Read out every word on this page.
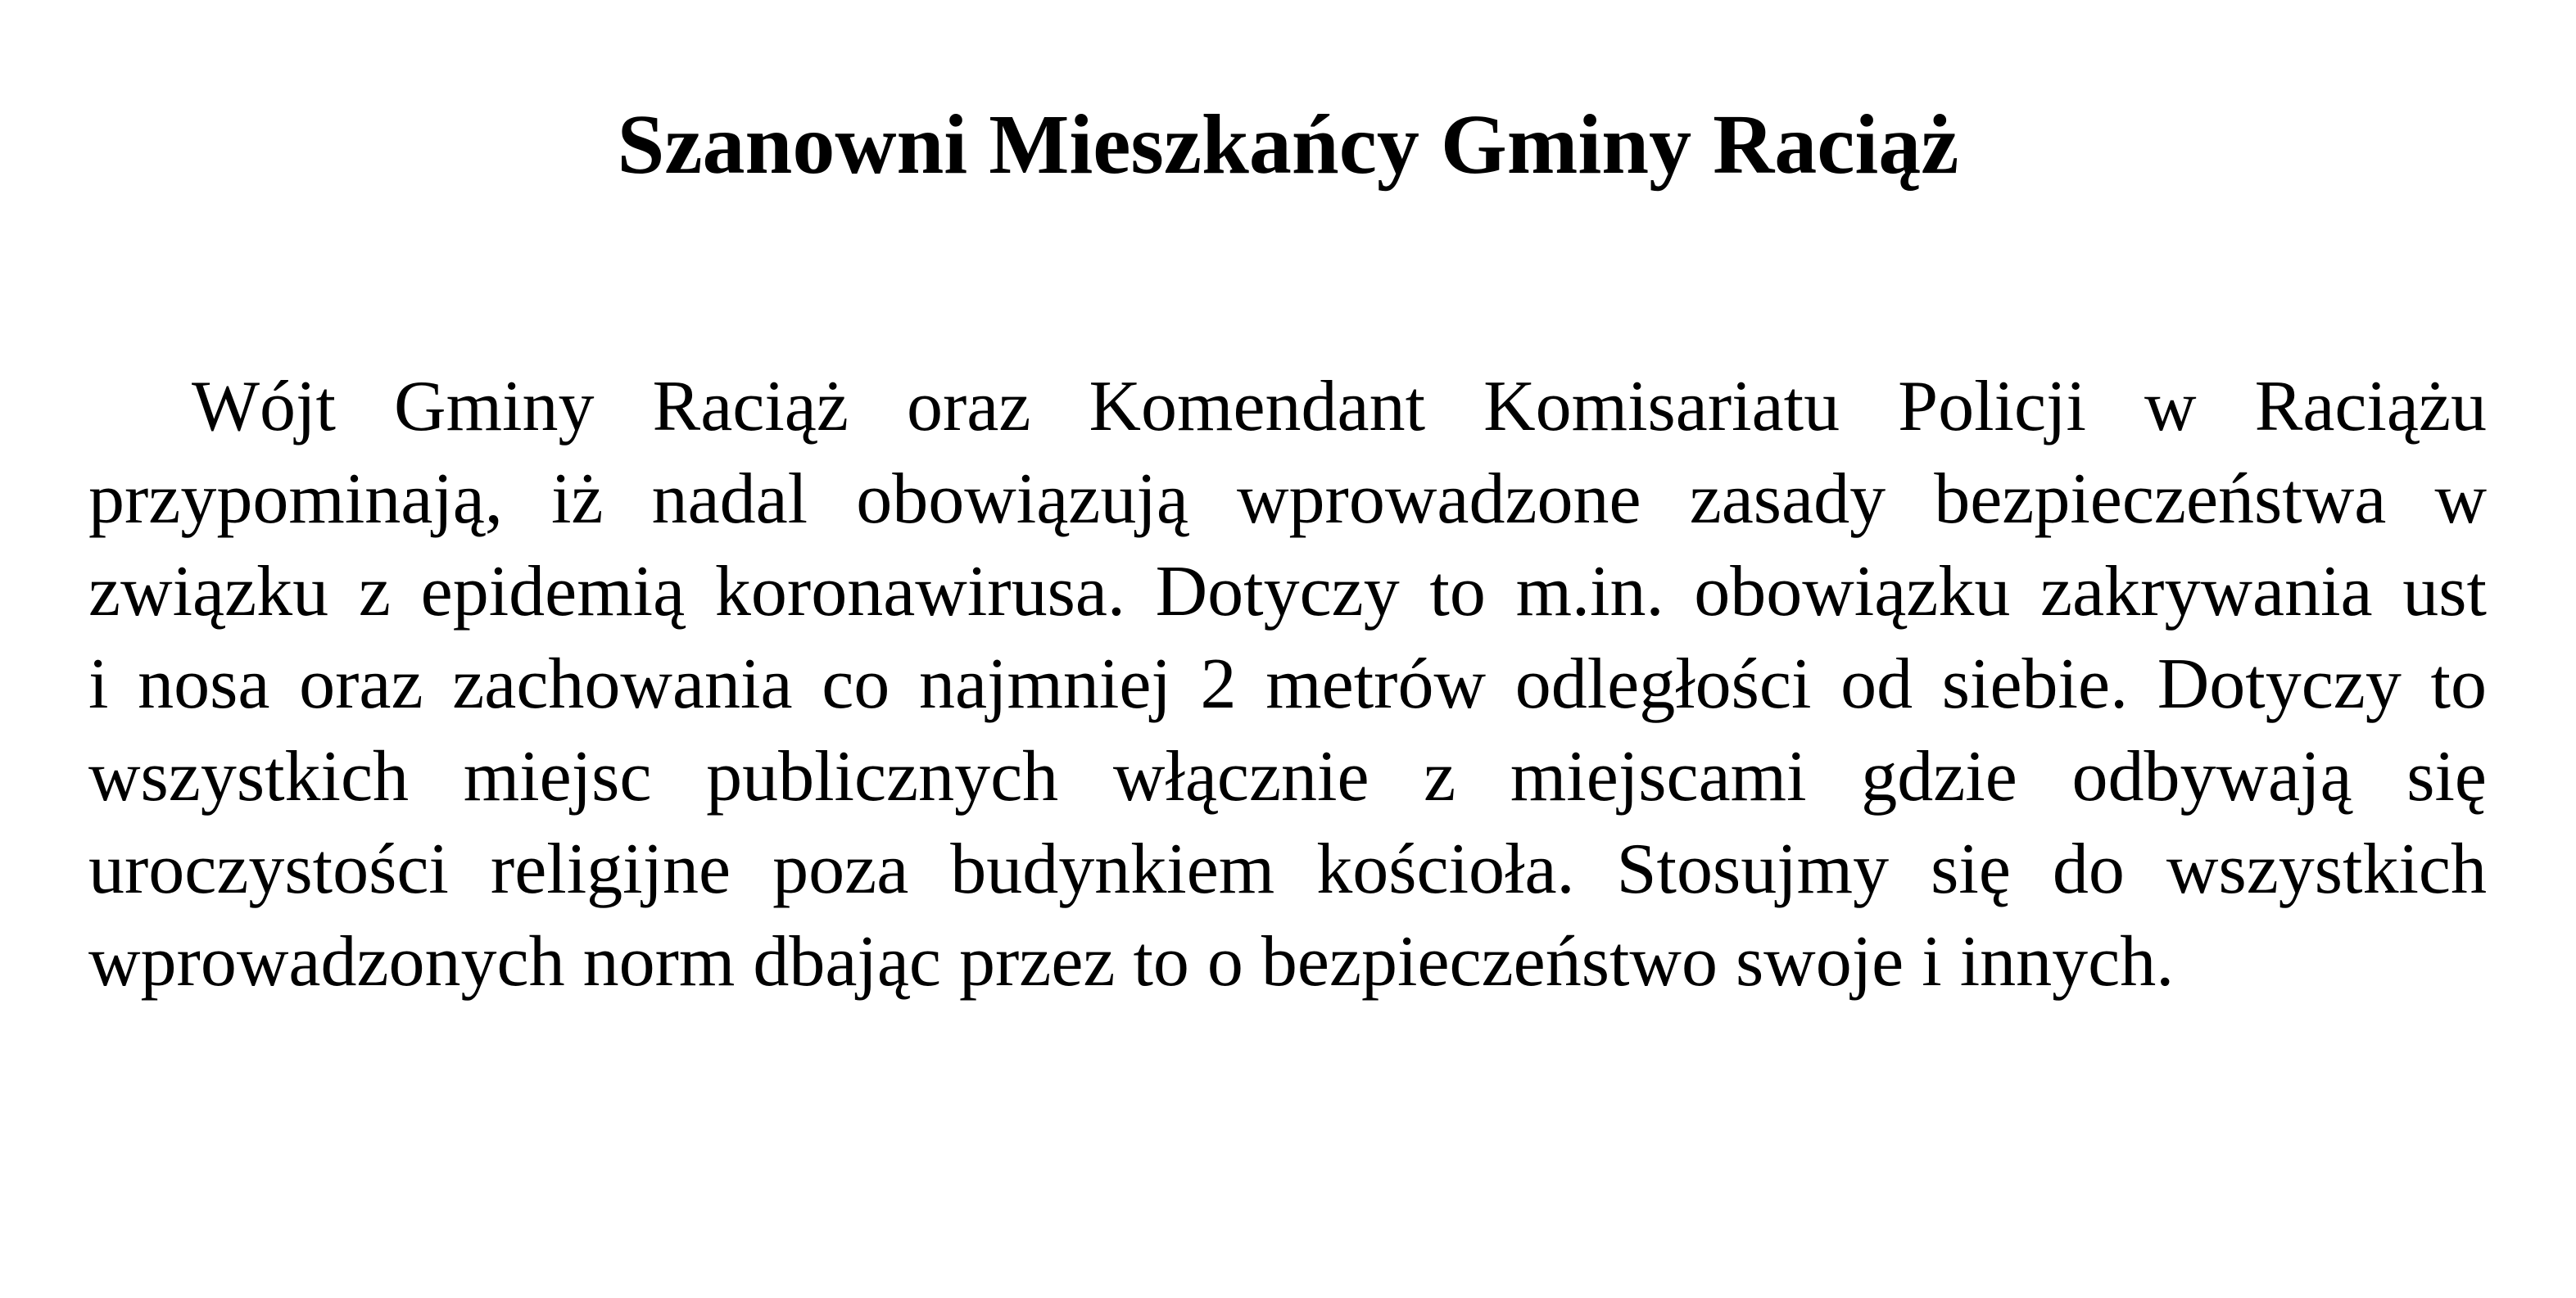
Szanowni Mieszkańcy Gminy Raciąż
Wójt Gminy Raciąż oraz Komendant Komisariatu Policji w Raciążu
przypominają, iż nadal obowiązują wprowadzone zasady bezpieczeństwa w
związku z epidemią koronawirusa. Dotyczy to m.in. obowiązku zakrywania ust
i nosa oraz zachowania co najmniej 2 metrów odległości od siebie. Dotyczy to
wszystkich miejsc publicznych włącznie z miejscami gdzie odbywają się
uroczystości religijne poza budynkiem kościoła. Stosujmy się do wszystkich
wprowadzonych norm dbając przez to o bezpieczeństwo swoje i innych.
